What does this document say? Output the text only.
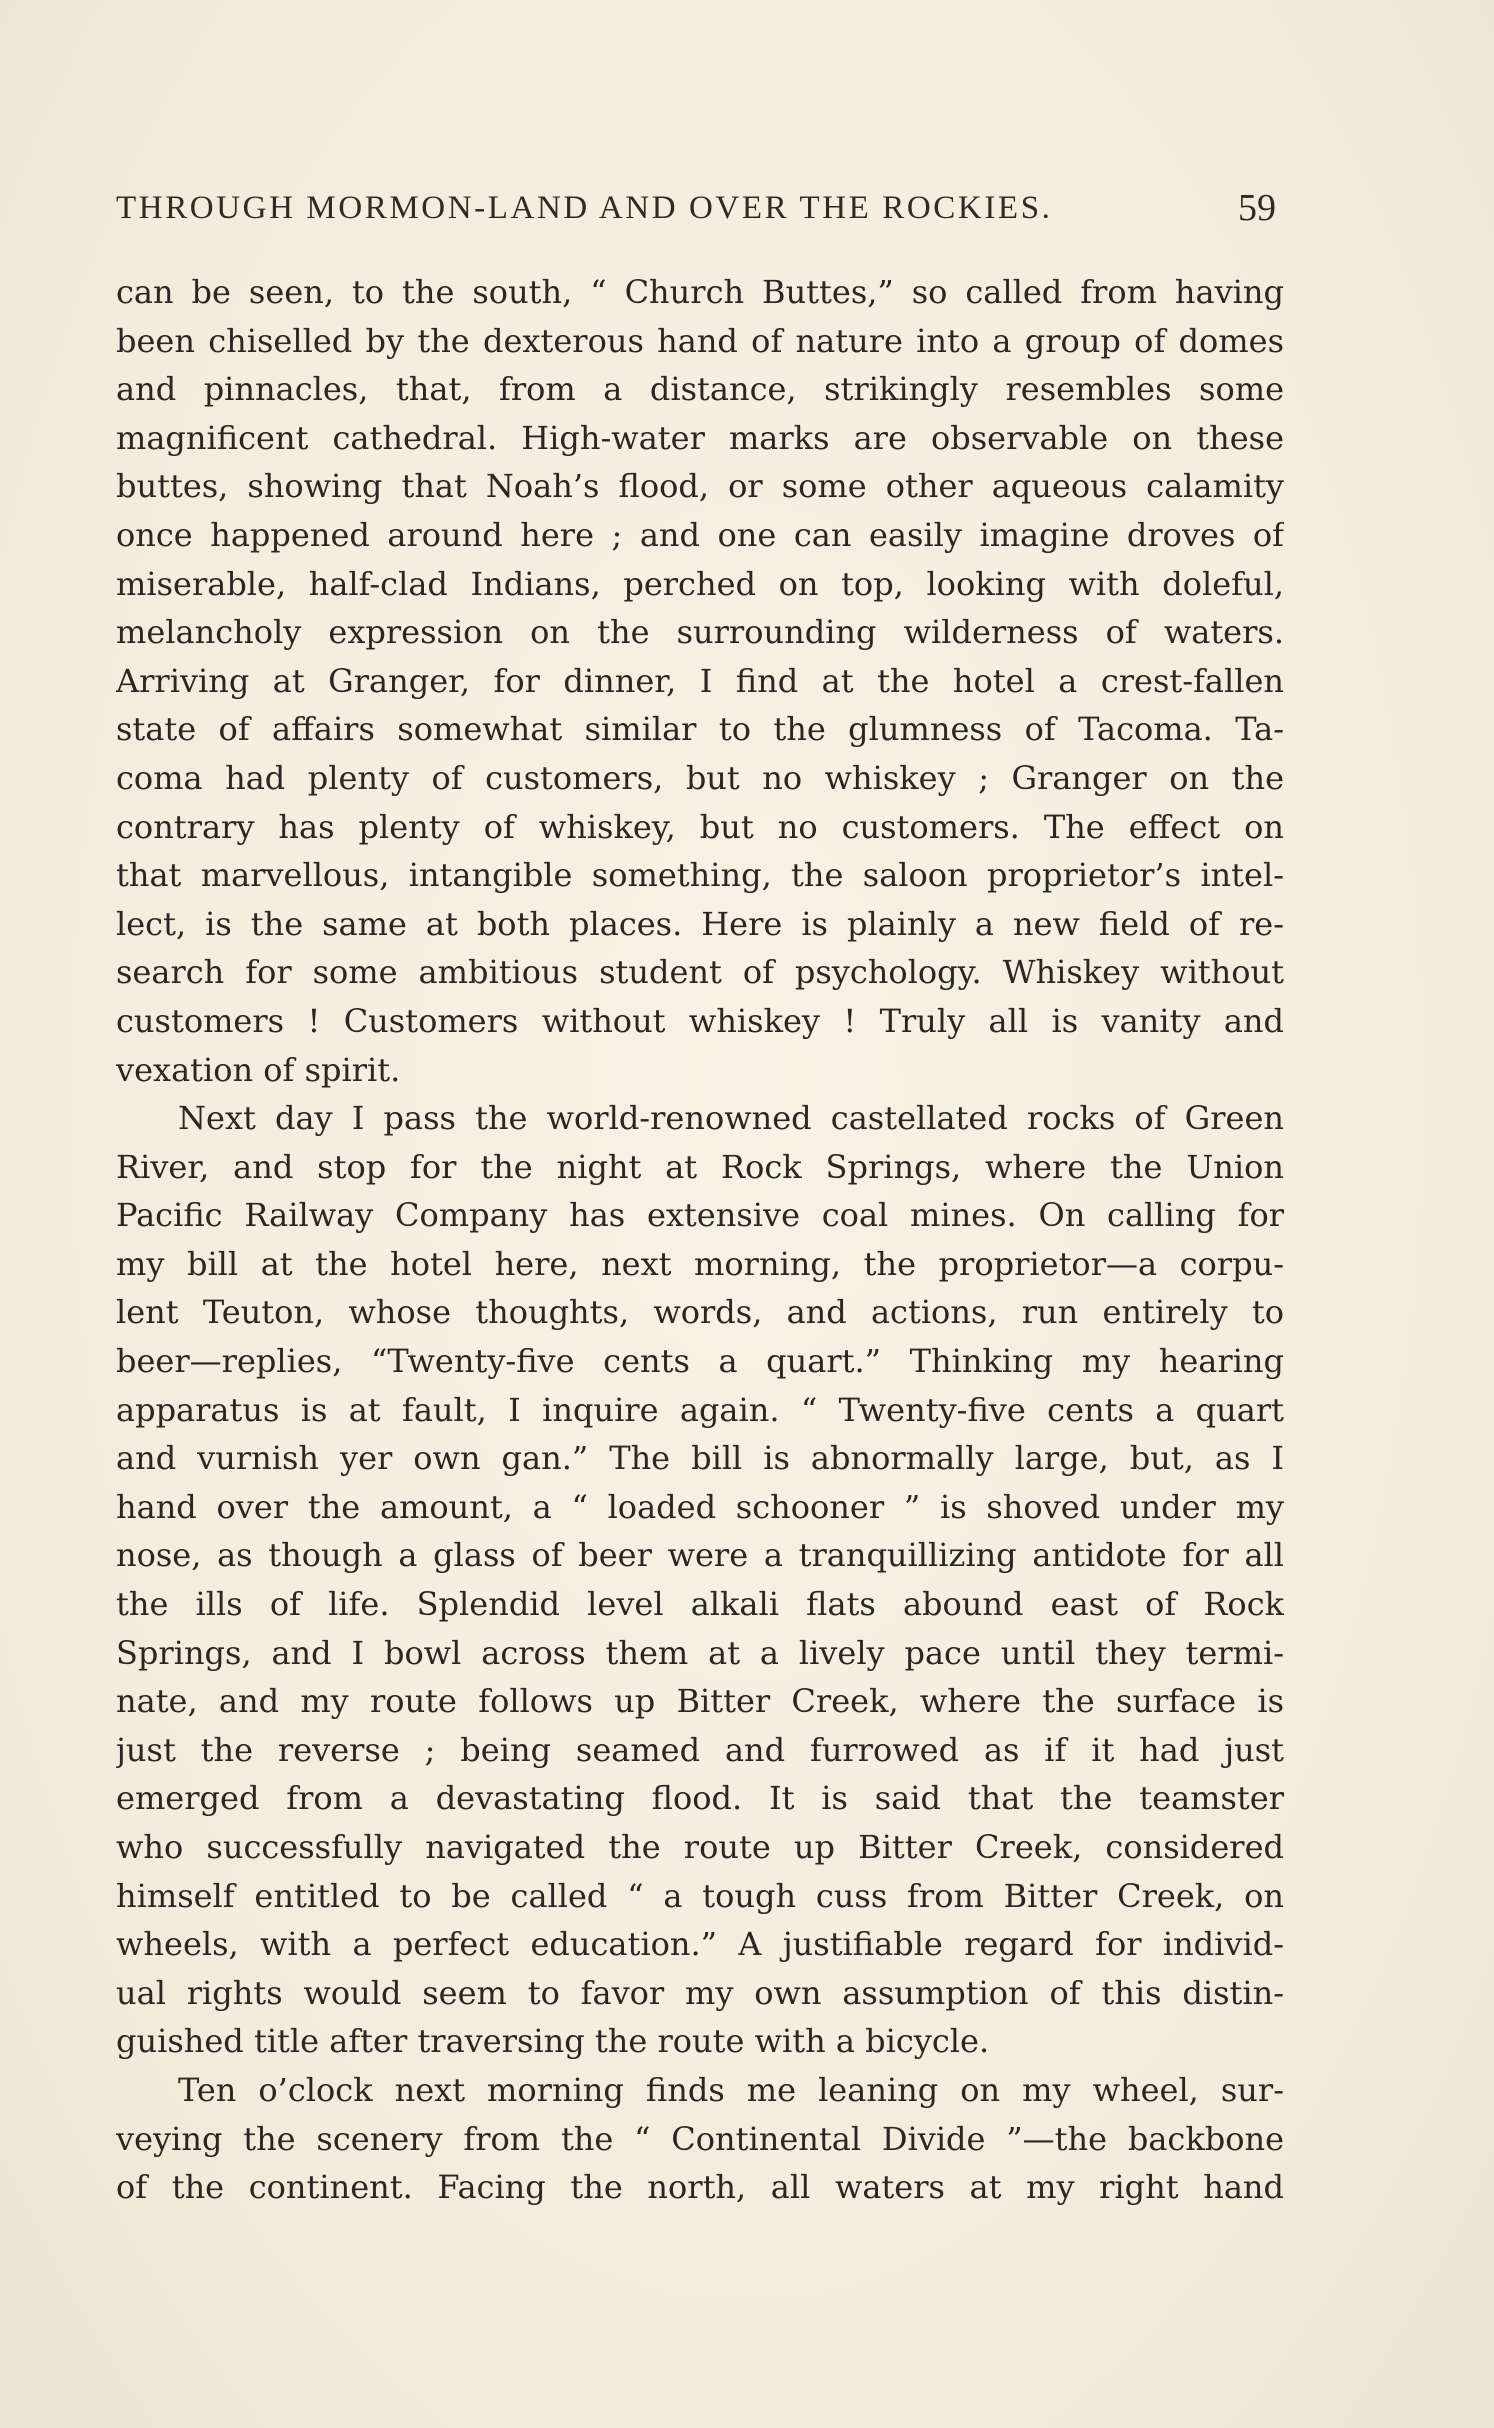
THROUGH MORMON-LAND AND OVER THE ROCKIES.	59
can be seen, to the south, “ Church Buttes,” so called from having
been chiselled by the dexterous hand of nature into a group of domes
and pinnacles, that, from a distance, strikingly resembles some
magnificent cathedral. High-water marks are observable on these
buttes, showing that Noah’s flood, or some other aqueous calamity
once happened around here ; and one can easily imagine droves of
miserable, half-clad Indians, perched on top, looking with doleful,
melancholy expression on the surrounding wilderness of waters.
Arriving at Granger, for dinner, I find at the hotel a crest-fallen
state of affairs somewhat similar to the glumness of Tacoma. Ta-
coma had plenty of customers, but no whiskey ; Granger on the
contrary has plenty of whiskey, but no customers. The effect on
that marvellous, intangible something, the saloon proprietor’s intel-
lect, is the same at both places. Here is plainly a new field of re-
search for some ambitious student of psychology. Whiskey without
customers ! Customers without whiskey ! Truly all is vanity and
vexation of spirit.
Next day I pass the world-renowned castellated rocks of Green
River, and stop for the night at Rock Springs, where the Union
Pacific Railway Company has extensive coal mines. On calling for
my bill at the hotel here, next morning, the proprietor—a corpu-
lent Teuton, whose thoughts, words, and actions, run entirely to
beer—replies, “Twenty-five cents a quart.” Thinking my hearing
apparatus is at fault, I inquire again. “ Twenty-five cents a quart
and vurnish yer own gan.” The bill is abnormally large, but, as I
hand over the amount, a “ loaded schooner ” is shoved under my
nose, as though a glass of beer were a tranquillizing antidote for all
the ills of life. Splendid level alkali flats abound east of Rock
Springs, and I bowl across them at a lively pace until they termi-
nate, and my route follows up Bitter Creek, where the surface is
just the reverse ; being seamed and furrowed as if it had just
emerged from a devastating flood. It is said that the teamster
who successfully navigated the route up Bitter Creek, considered
himself entitled to be called “ a tough cuss from Bitter Creek, on
wheels, with a perfect education.” A justifiable regard for individ-
ual rights would seem to favor my own assumption of this distin-
guished title after traversing the route with a bicycle.
Ten o’clock next morning finds me leaning on my wheel, sur-
veying the scenery from the “ Continental Divide ”—the backbone
of the continent. Facing the north, all waters at my right hand
